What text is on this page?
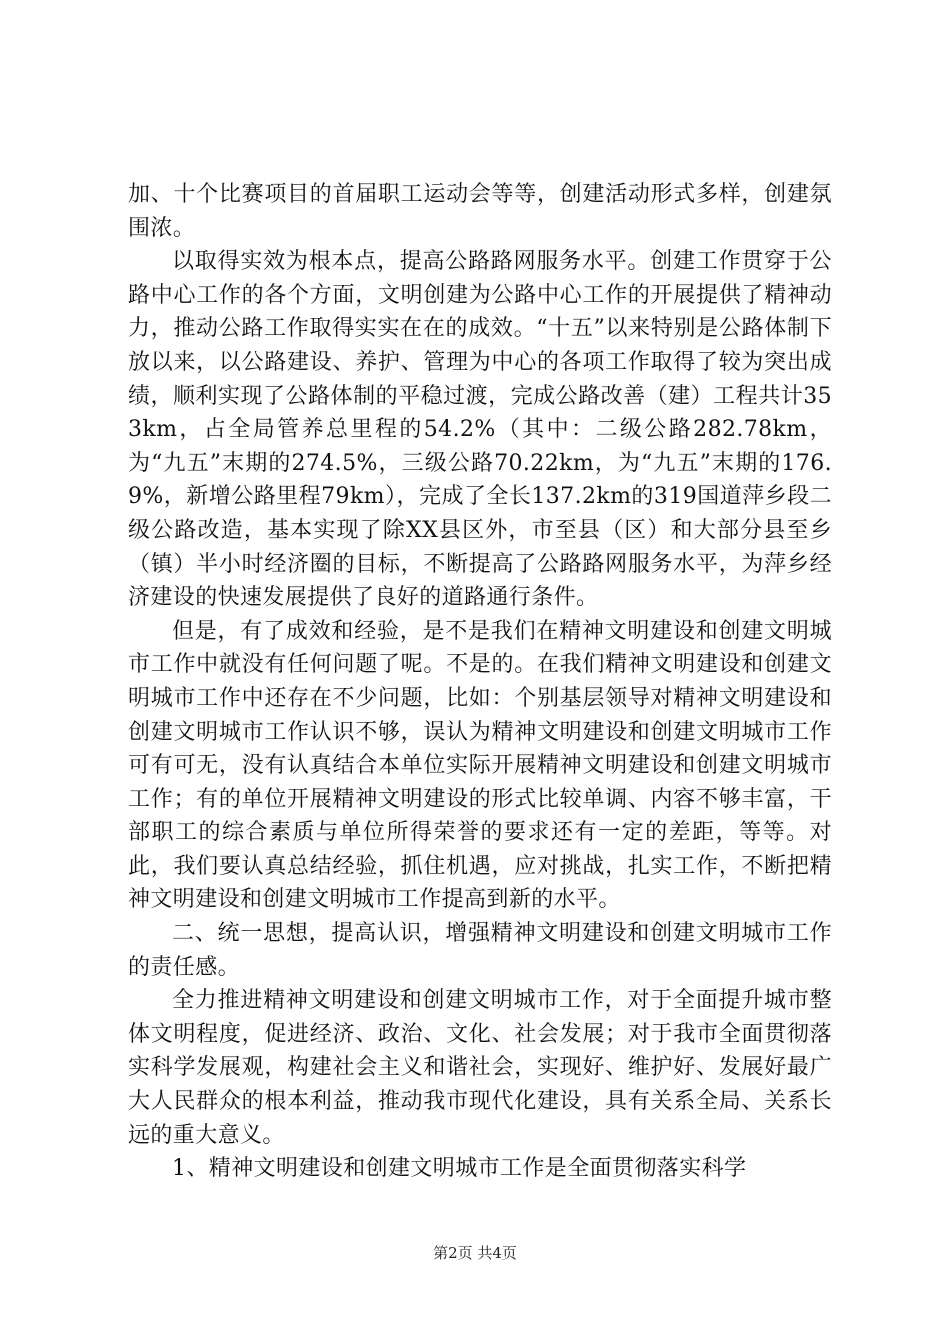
加、十个比赛项目的首届职工运动会等等，创建活动形式多样，创建氛围浓。

以取得实效为根本点，提高公路路网服务水平。创建工作贯穿于公路中心工作的各个方面，文明创建为公路中心工作的开展提供了精神动力，推动公路工作取得实实在在的成效。“十五”以来特别是公路体制下放以来，以公路建设、养护、管理为中心的各项工作取得了较为突出成绩，顺利实现了公路体制的平稳过渡，完成公路改善（建）工程共计353km，占全局管养总里程的54.2%（其中：二级公路282.78km，为“九五”末期的274.5%，三级公路70.22km，为“九五”末期的176.9%，新增公路里程79km），完成了全长137.2km的319国道萍乡段二级公路改造，基本实现了除XX县区外，市至县（区）和大部分县至乡（镇）半小时经济圈的目标，不断提高了公路路网服务水平，为萍乡经济建设的快速发展提供了良好的道路通行条件。

但是，有了成效和经验，是不是我们在精神文明建设和创建文明城市工作中就没有任何问题了呢。不是的。在我们精神文明建设和创建文明城市工作中还存在不少问题，比如：个别基层领导对精神文明建设和创建文明城市工作认识不够，误认为精神文明建设和创建文明城市工作可有可无，没有认真结合本单位实际开展精神文明建设和创建文明城市工作；有的单位开展精神文明建设的形式比较单调、内容不够丰富，干部职工的综合素质与单位所得荣誉的要求还有一定的差距，等等。对此，我们要认真总结经验，抓住机遇，应对挑战，扎实工作，不断把精神文明建设和创建文明城市工作提高到新的水平。

二、统一思想，提高认识，增强精神文明建设和创建文明城市工作的责任感。

全力推进精神文明建设和创建文明城市工作，对于全面提升城市整体文明程度，促进经济、政治、文化、社会发展；对于我市全面贯彻落实科学发展观，构建社会主义和谐社会，实现好、维护好、发展好最广大人民群众的根本利益，推动我市现代化建设，具有关系全局、关系长远的重大意义。

1、精神文明建设和创建文明城市工作是全面贯彻落实科学

第2页 共4页
